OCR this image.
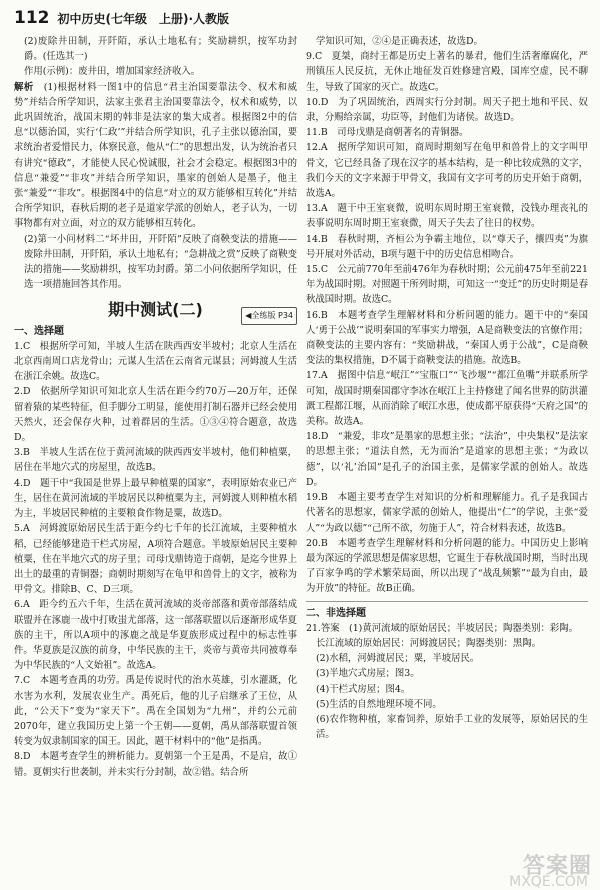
112 初中历史(七年级　上册)·人教版

(2)废除井田制，开阡陌，承认土地私有；奖励耕织，按军功封爵。(任选其一)

作用(示例)：废井田，增加国家经济收入。

解析　 (1)根据材料一图1中的信息“君主治国要靠法令、权术和威势”并结合所学知识，法家主张君主治国要靠法令，权术和威势，以此巩固统治，战国末期的韩非是法家的集大成者。根据图2中的信息“以德治国，实行‘仁政’”并结合所学知识，孔子主张以德治国，要求统治者爱惜民力，体察民意，他从“仁”的思想出发，认为统治者只有讲究“德政”，才能使人民心悦诚服，社会才会稳定。根据图3中的信息“兼爱”“非攻”并结合所学知识，墨家的创始人是墨子，他主张“兼爱”“非攻”。根据图4中的信息“对立的双方能够相互转化”并结合所学知识，春秋后期的老子是道家学派的创始人，老子认为，一切事物都有对立面，对立的双方能够相互转化。

(2)第一小问材料二“坏井田，开阡陌”反映了商鞅变法的措施——废除井田制，开阡陌，承认土地私有；“急耕战之赏”反映了商鞅变法的措施——奖励耕织，按军功封爵。第二小问依据所学知识，任选一项措施回答其作用。

期中测试(二)	◀全练版 P34
一、选择题

1.C　根据所学可知，半坡人生活在陕西西安半坡村；北京人生活在北京西南周口店龙骨山；元谋人生活在云南省元谋县；河姆渡人生活在浙江余姚。故选C。

2.D　依据所学知识可知北京人生活在距今约70万—20万年，还保留着猿的某些特征，但手脚分工明显，能使用打制石器并已经会使用天然火，还会保存火种，过着群居的生活。①③④符合题意，故选D。

3.B　半坡人生活在位于黄河流域的陕西西安半坡村，他们种植粟，居住在半地穴式的房屋里，故选B。

4.D　题干中“我国是世界上最早种植粟的国家”，表明原始农业已产生，居住在黄河流域的半坡居民以种植粟为主，河姆渡人则种植水稻为主，半坡居民种植的主要粮食作物是粟，故选D。

5.A　河姆渡原始居民生活于距今约七千年的长江流域，主要种植水稻，已经能够建造干栏式房屋，A项符合题意。半坡原始居民主要种植粟，住在半地穴式的房子里；司母戊鼎铸造于商朝，是迄今世界上出土的最重的青铜器；商朝时期刻写在龟甲和兽骨上的文字，被称为甲骨文。排除B、C、D三项。

6.A　距今约五六千年，生活在黄河流域的炎帝部落和黄帝部落结成联盟并在涿鹿一战中打败蚩尤部落，这一部落联盟以后逐渐形成华夏族的主干，所以A项中的涿鹿之战是华夏族形成过程中的标志性事件。华夏族是汉族的前身，中华民族的主干，炎帝与黄帝共同被尊奉为中华民族的“人文始祖”。故选A。

7.C　本题考查禹的功劳。禹是传说时代的治水英雄，引水灌溉，化水害为水利，发展农业生产。禹死后，他的儿子启继承了王位，从此，“公天下”变为“家天下”。禹在全国划为“九州”，并约公元前2070年，建立我国历史上第一个王朝——夏朝，禹从部落联盟首领转变为奴隶制国家的国王。因此，题干材料中的“他”是指禹。

8.D　本题考查学生的辨析能力。夏朝第一个王是禹，不是启，故①错。夏朝实行世袭制，并未实行分封制，故②错。结合所

学知识可知，②④是正确表述，故选D。

9.C　夏桀，商纣王都是历史上著名的暴君，他们生活奢靡腐化，严刑镇压人民反抗，无休止地征发百姓修建宫殿，国库空虚，民不聊生，导致了国家的灭亡。故选C。

10.D　为了巩固统治，西周实行分封制。周天子把土地和平民、奴隶，分赐给亲属，功臣等，封他们为诸侯。故选D。

11.B　司母戊鼎是商朝著名的青铜器。

12.A　据所学知识可知，商周时期刻写在龟甲和兽骨上的文字叫甲骨文，它已经具备了现在汉字的基本结构，是一种比较成熟的文字，我们今天的文字来源于甲骨文，我国有文字可考的历史开始于商朝，故选A。

13.A　题干中王室衰微，说明东周时期王室衰微，没钱办理丧礼的表事说明东周时期王室衰微，周天子失去了往日的权势。

14.B　春秋时期，齐桓公为争霸主地位，以“尊天子，攘四夷”为旗号开展对外活动，B项与题干中的历史信息相吻合。

15.C　公元前770年至前476年为春秋时期；公元前475年至前221年为战国时期。对照题干所列时期，可知这一“变迁”的历史时期是春秋战国时期。故选C。

16.B　本题考查学生理解材料和分析问题的能力。题干中的“秦国人‘勇于公战’”说明秦国的军事实力增强，A是商鞅变法的官僚作用；商鞅变法的主要内容有：“奖励耕战，“秦国人勇于公战”，C是商鞅变法的集权措施，D不属于商鞅变法的措施。故选B。

17.A　据图中信息“岷江”“宝瓶口”“飞沙堰”“都江鱼嘴”并联系所学可知，战国时期秦国郡守李冰在岷江上主持修建了闻名世界的防洪灌溉工程都江堰，从而消除了岷江水患，使成都平原获得“天府之国”的美称。故选A。

18.D　“兼爱，非攻”是墨家的思想主张；“法治”，中央集权”是法家的思想主张；“道法自然，无为而治”是道家的思想主张；“为政以德”，以‘礼’治国”是孔子的治国主张，是儒家学派的创始人。故选D。

19.B　本题主要考查学生对知识的分析和理解能力。孔子是我国古代著名的思想家，儒家学派的创始人，他提出“仁”的学说，主张“爱人”“为政以德”“己所不欲，勿施于人”，符合材料表述，故选B。

20.B　本题考查学生理解材料和分析问题的能力。中国历史上影响最为深远的学派思想是儒家思想，它诞生于春秋战国时期，当时出现了百家争鸣的学术繁荣局面，所以出现了“战乱频繁”“最为自由，最为开放”的特征。故B正确。

二、非选择题

21.答案　(1)黄河流域的原始居民；半坡居民；陶器类别：彩陶。

长江流域的原始居民：河姆渡居民；陶器类别：黑陶。

(2)水稻，河姆渡居民；粟，半坡居民。

(3)半地穴式房屋；图3。

(4)干栏式房屋；图4。

(5)生活的自然地理环境不同。

(6)农作物种植，家畜饲养，原始手工业的发展等，原始居民的生活。

答案圈
MXQE.COM
